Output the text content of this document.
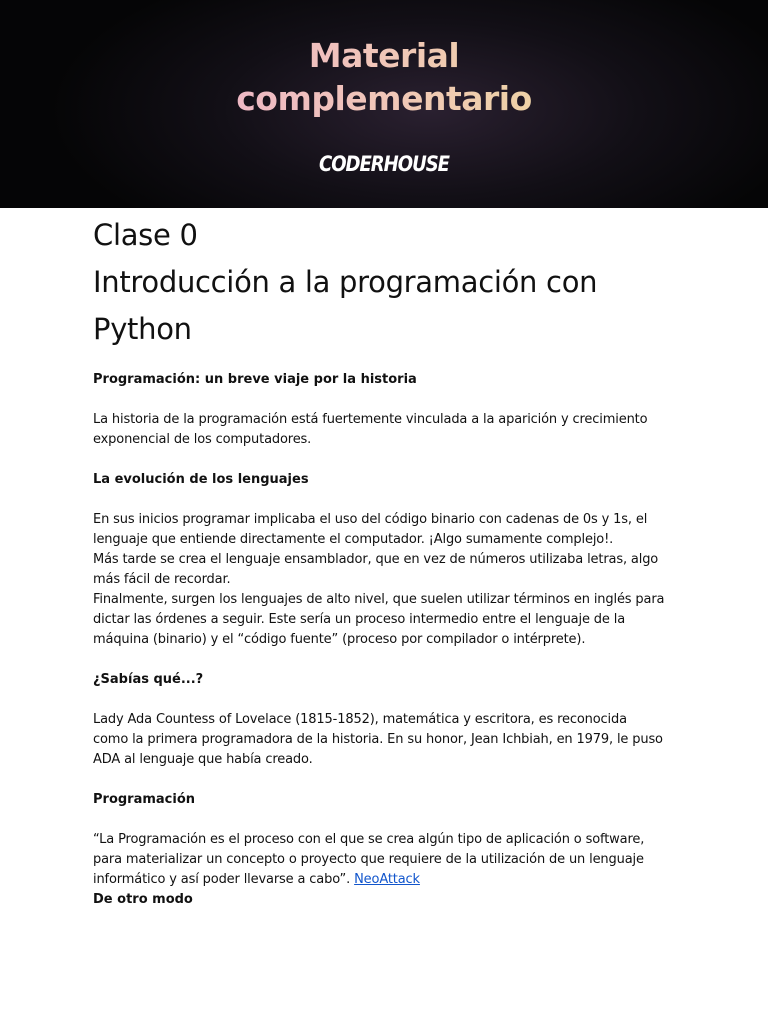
Material
complementario
CODERHOUSE

Clase 0

Introducción a la programación con

Python

Programación: un breve viaje por la historia

La historia de la programación está fuertemente vinculada a la aparición y crecimiento

exponencial de los computadores.

La evolución de los lenguajes

En sus inicios programar implicaba el uso del código binario con cadenas de 0s y 1s, el

lenguaje que entiende directamente el computador. ¡Algo sumamente complejo!.

Más tarde se crea el lenguaje ensamblador, que en vez de números utilizaba letras, algo

más fácil de recordar.

Finalmente, surgen los lenguajes de alto nivel, que suelen utilizar términos en inglés para

dictar las órdenes a seguir. Este sería un proceso intermedio entre el lenguaje de la

máquina (binario) y el “código fuente” (proceso por compilador o intérprete).

¿Sabías qué...?

Lady Ada Countess of Lovelace (1815-1852), matemática y escritora, es reconocida

como la primera programadora de la historia. En su honor, Jean Ichbiah, en 1979, le puso

ADA al lenguaje que había creado.

Programación

“La Programación es el proceso con el que se crea algún tipo de aplicación o software,

para materializar un concepto o proyecto que requiere de la utilización de un lenguaje

informático y así poder llevarse a cabo”. NeoAttack

De otro modo
